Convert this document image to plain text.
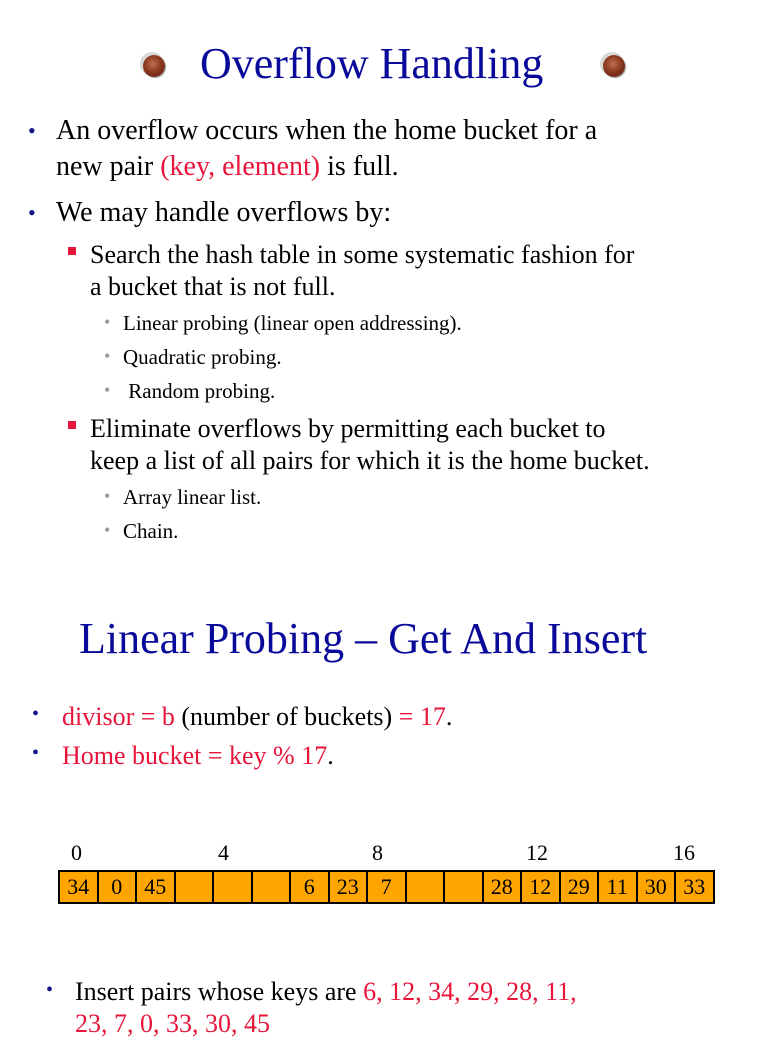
Overflow Handling
• An overflow occurs when the home bucket for a
new pair (key, element) is full.
• We may handle overflows by:
Search the hash table in some systematic fashion for
a bucket that is not full.
• Linear probing (linear open addressing).
• Quadratic probing.
• Random probing.
Eliminate overflows by permitting each bucket to
keep a list of all pairs for which it is the home bucket.
• Array linear list.
• Chain.
Linear Probing – Get And Insert
• divisor = b (number of buckets) = 17.
• Home bucket = key % 17.
0	4	8	12	16
34	0	45				6	23	7			28	12	29	11	30	33
• Insert pairs whose keys are 6, 12, 34, 29, 28, 11,
23, 7, 0, 33, 30, 45
